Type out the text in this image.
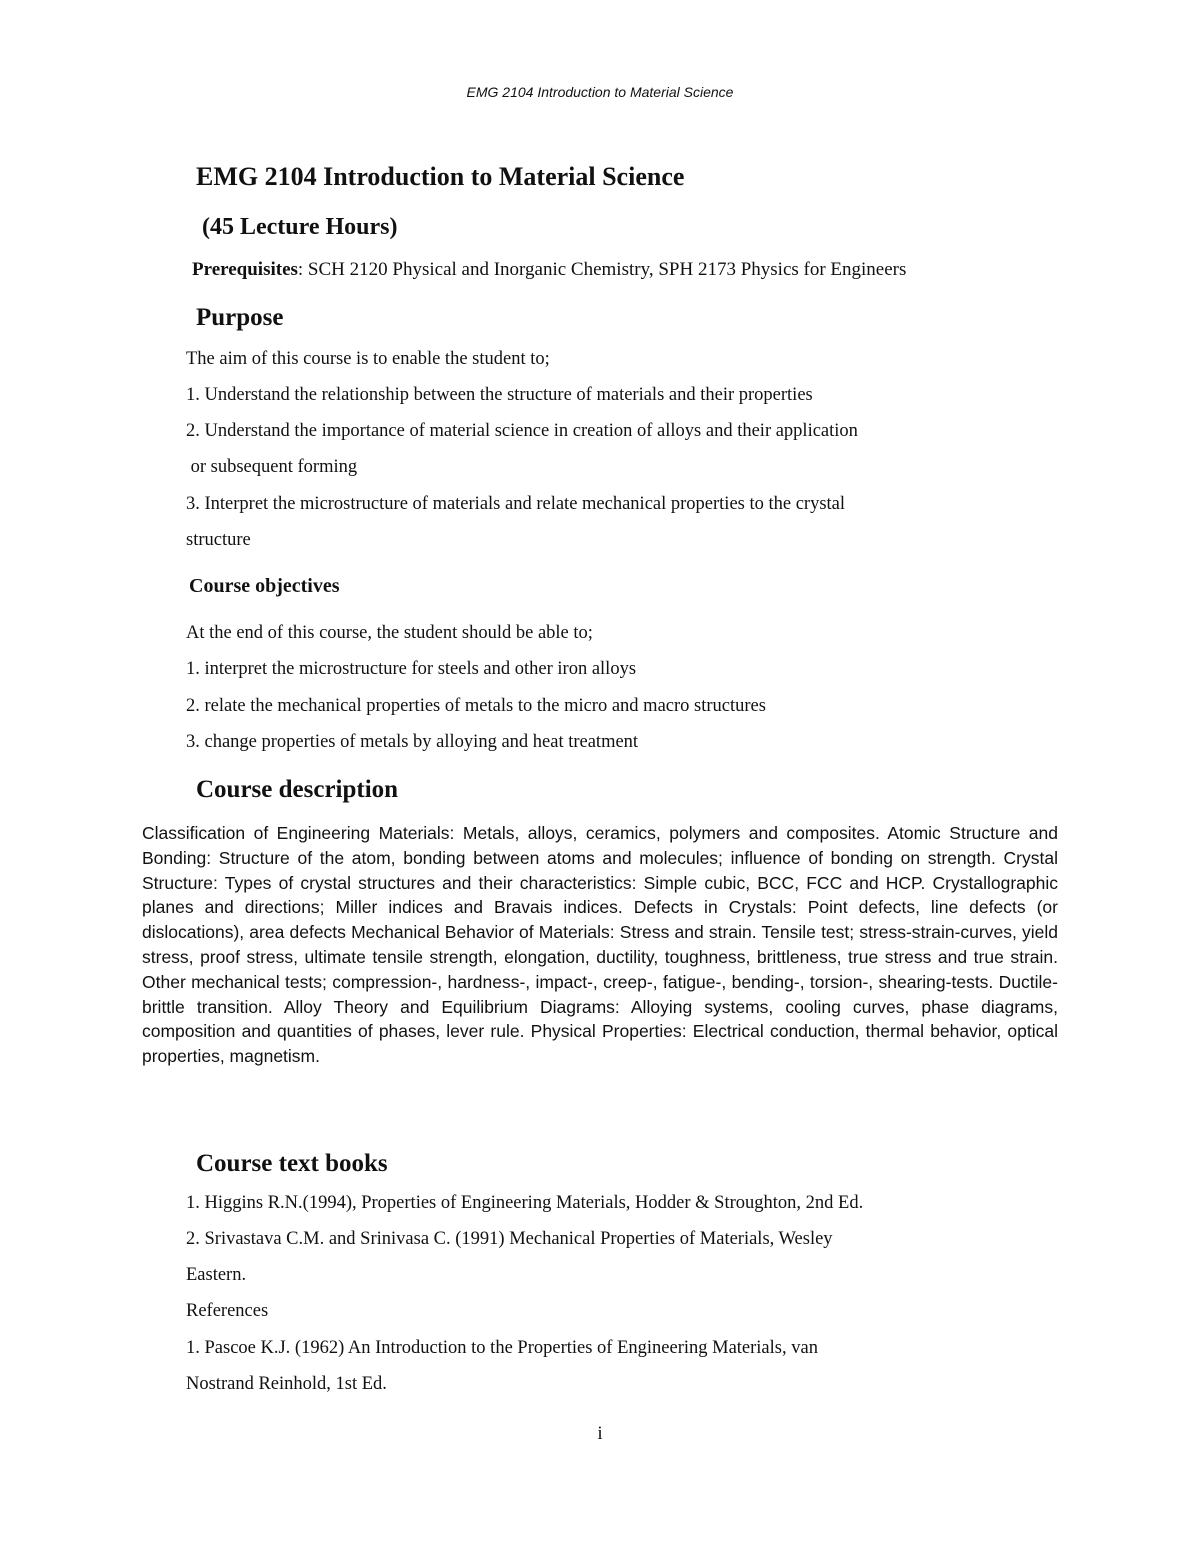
EMG 2104 Introduction to Material Science
EMG 2104 Introduction to Material Science
(45 Lecture Hours)
Prerequisites: SCH 2120 Physical and Inorganic Chemistry, SPH 2173 Physics for Engineers
Purpose
The aim of this course is to enable the student to;
1. Understand the relationship between the structure of materials and their properties
2. Understand the importance of material science in creation of alloys and their application
or subsequent forming
3. Interpret the microstructure of materials and relate mechanical properties to the crystal
structure
Course objectives
At the end of this course, the student should be able to;
1. interpret the microstructure for steels and other iron alloys
2. relate the mechanical properties of metals to the micro and macro structures
3. change properties of metals by alloying and heat treatment
Course description
Classification of Engineering Materials: Metals, alloys, ceramics, polymers and composites. Atomic Structure and Bonding: Structure of the atom, bonding between atoms and molecules; influence of bonding on strength. Crystal Structure: Types of crystal structures and their characteristics: Simple cubic, BCC, FCC and HCP. Crystallographic planes and directions; Miller indices and Bravais indices. Defects in Crystals: Point defects, line defects (or dislocations), area defects Mechanical Behavior of Materials: Stress and strain. Tensile test; stress-strain-curves, yield stress, proof stress, ultimate tensile strength, elongation, ductility, toughness, brittleness, true stress and true strain. Other mechanical tests; compression-, hardness-, impact-, creep-, fatigue-, bending-, torsion-, shearing-tests. Ductile-brittle transition. Alloy Theory and Equilibrium Diagrams: Alloying systems, cooling curves, phase diagrams, composition and quantities of phases, lever rule. Physical Properties: Electrical conduction, thermal behavior, optical properties, magnetism.
Course text books
1. Higgins R.N.(1994), Properties of Engineering Materials, Hodder & Stroughton, 2nd Ed.
2. Srivastava C.M. and Srinivasa C. (1991) Mechanical Properties of Materials, Wesley
Eastern.
References
1. Pascoe K.J. (1962) An Introduction to the Properties of Engineering Materials, van
Nostrand Reinhold, 1st Ed.
i
